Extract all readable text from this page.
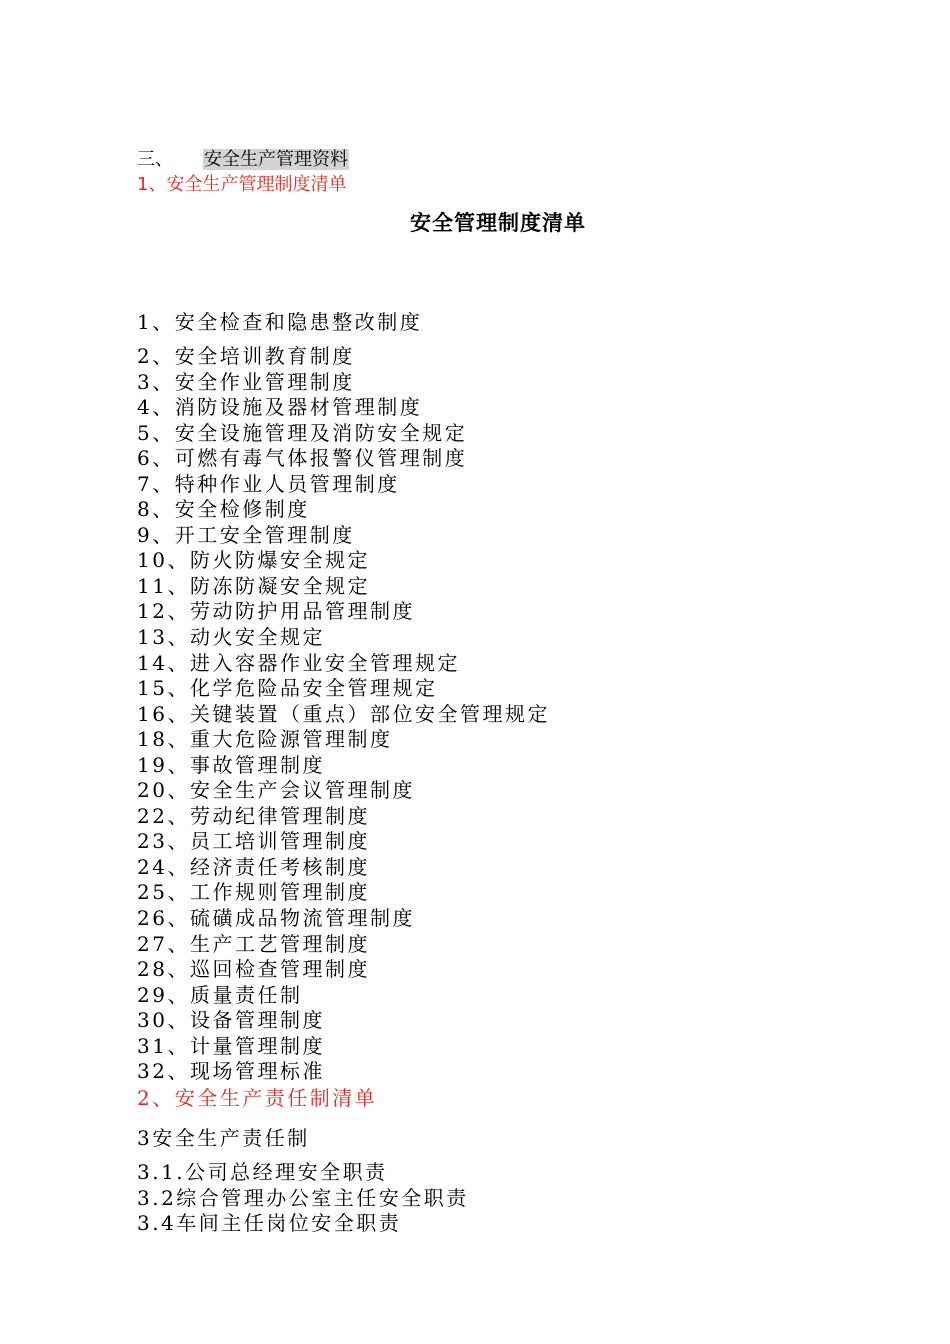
三、 安全生产管理资料
1、安全生产管理制度清单
安全管理制度清单
1、安全检查和隐患整改制度
2、安全培训教育制度
3、安全作业管理制度
4、消防设施及器材管理制度
5、安全设施管理及消防安全规定
6、可燃有毒气体报警仪管理制度
7、特种作业人员管理制度
8、安全检修制度
9、开工安全管理制度
10、防火防爆安全规定
11、防冻防凝安全规定
12、劳动防护用品管理制度
13、动火安全规定
14、进入容器作业安全管理规定
15、化学危险品安全管理规定
16、关键装置（重点）部位安全管理规定
18、重大危险源管理制度
19、事故管理制度
20、安全生产会议管理制度
22、劳动纪律管理制度
23、员工培训管理制度
24、经济责任考核制度
25、工作规则管理制度
26、硫磺成品物流管理制度
27、生产工艺管理制度
28、巡回检查管理制度
29、质量责任制
30、设备管理制度
31、计量管理制度
32、现场管理标准
2、安全生产责任制清单
3安全生产责任制
3.1.公司总经理安全职责
3.2综合管理办公室主任安全职责
3.4车间主任岗位安全职责
